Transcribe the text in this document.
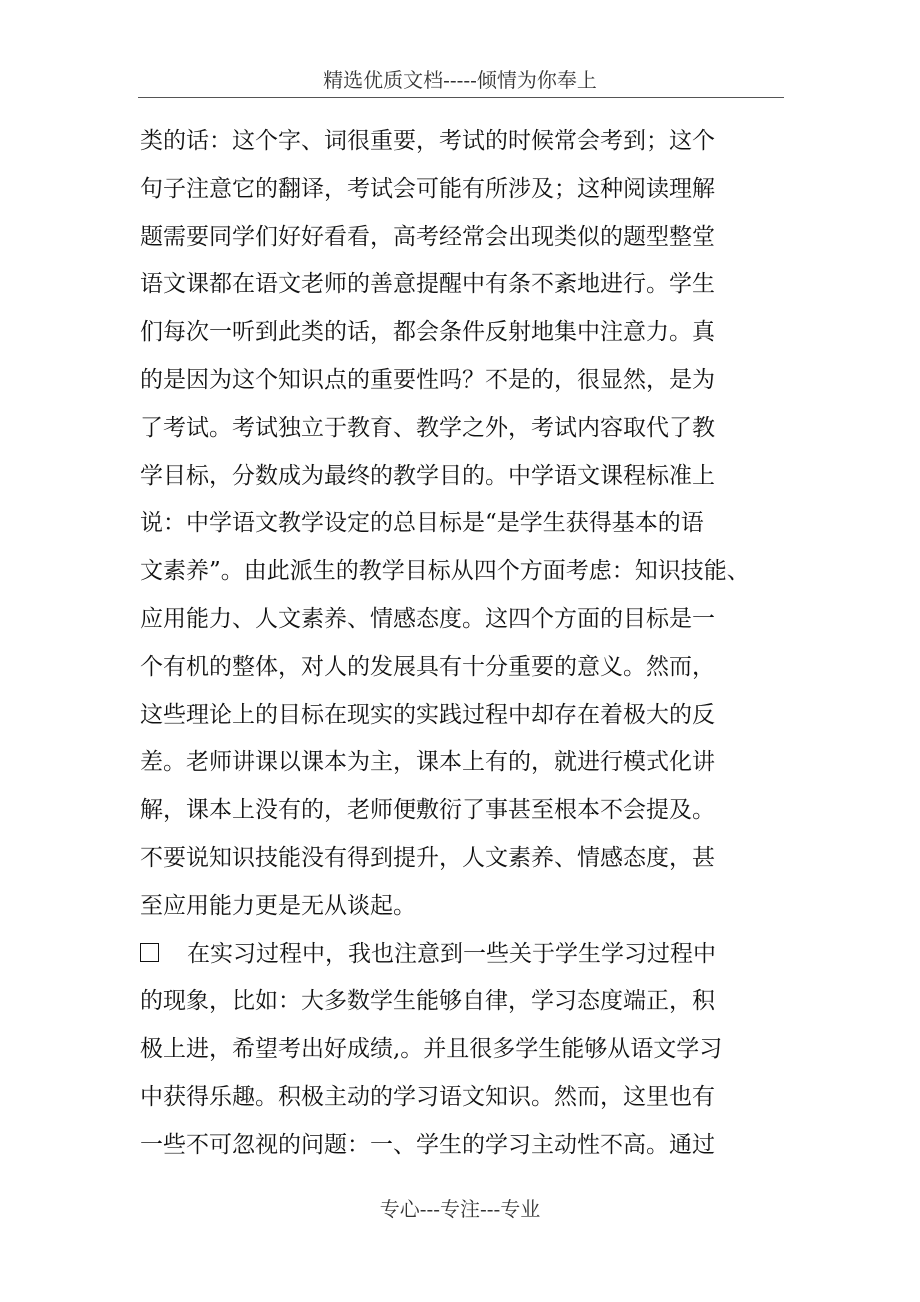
精选优质文档-----倾情为你奉上
类的话：这个字、词很重要，考试的时候常会考到；这个
句子注意它的翻译，考试会可能有所涉及；这种阅读理解
题需要同学们好好看看，高考经常会出现类似的题型整堂
语文课都在语文老师的善意提醒中有条不紊地进行。学生
们每次一听到此类的话，都会条件反射地集中注意力。真
的是因为这个知识点的重要性吗？不是的，很显然，是为
了考试。考试独立于教育、教学之外，考试内容取代了教
学目标，分数成为最终的教学目的。中学语文课程标准上
说：中学语文教学设定的总目标是“是学生获得基本的语
文素养”。由此派生的教学目标从四个方面考虑：知识技能、
应用能力、人文素养、情感态度。这四个方面的目标是一
个有机的整体，对人的发展具有十分重要的意义。然而，
这些理论上的目标在现实的实践过程中却存在着极大的反
差。老师讲课以课本为主，课本上有的，就进行模式化讲
解，课本上没有的，老师便敷衍了事甚至根本不会提及。
不要说知识技能没有得到提升，人文素养、情感态度，甚
至应用能力更是无从谈起。
在实习过程中，我也注意到一些关于学生学习过程中
的现象，比如：大多数学生能够自律，学习态度端正，积
极上进，希望考出好成绩,。并且很多学生能够从语文学习
中获得乐趣。积极主动的学习语文知识。然而，这里也有
一些不可忽视的问题：一、学生的学习主动性不高。通过
专心---专注---专业
